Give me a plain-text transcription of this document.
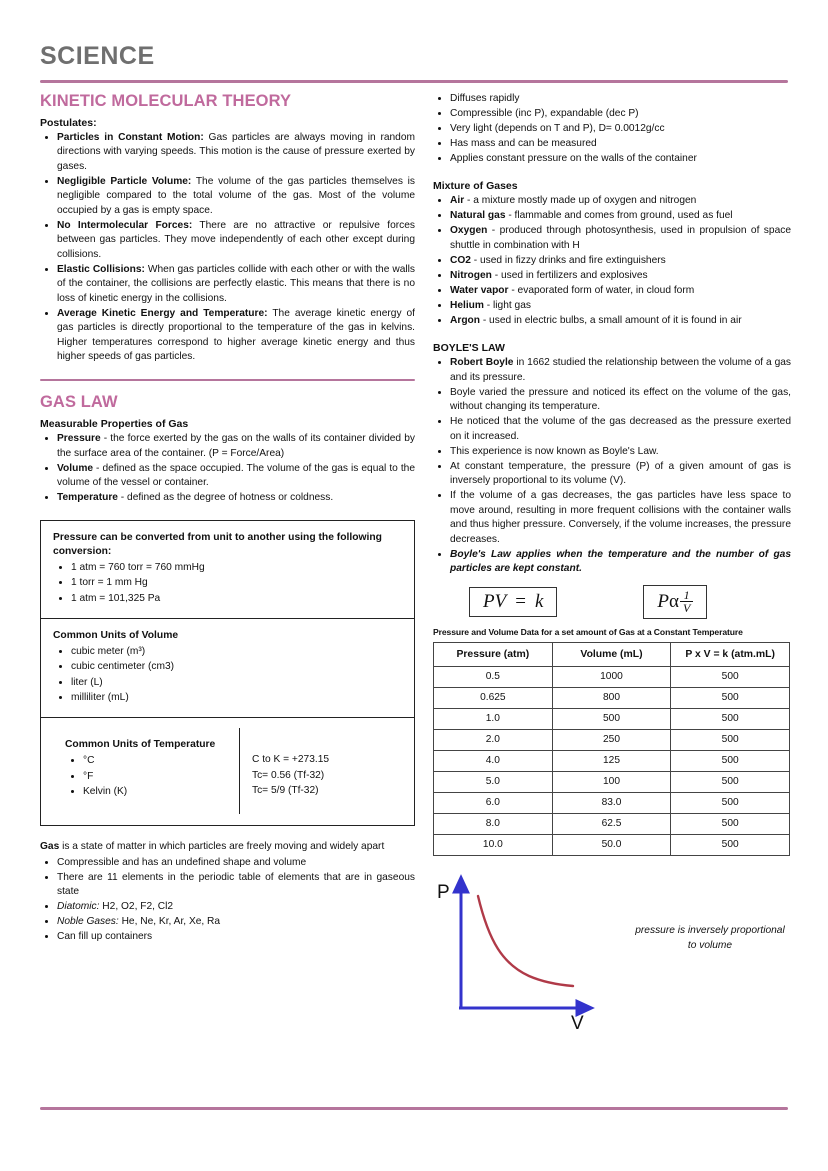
SCIENCE
KINETIC MOLECULAR THEORY
Postulates:
• Particles in Constant Motion: Gas particles are always moving in random directions with varying speeds. This motion is the cause of pressure exerted by gases.
• Negligible Particle Volume: The volume of the gas particles themselves is negligible compared to the total volume of the gas. Most of the volume occupied by a gas is empty space.
• No Intermolecular Forces: There are no attractive or repulsive forces between gas particles. They move independently of each other except during collisions.
• Elastic Collisions: When gas particles collide with each other or with the walls of the container, the collisions are perfectly elastic. This means that there is no loss of kinetic energy in the collisions.
• Average Kinetic Energy and Temperature: The average kinetic energy of gas particles is directly proportional to the temperature of the gas in kelvins. Higher temperatures correspond to higher average kinetic energy and thus higher speeds of gas particles.
GAS LAW
Measurable Properties of Gas
• Pressure - the force exerted by the gas on the walls of its container divided by the surface area of the container. (P = Force/Area)
• Volume - defined as the space occupied. The volume of the gas is equal to the volume of the vessel or container.
• Temperature - defined as the degree of hotness or coldness.
Pressure can be converted from unit to another using the following conversion:
• 1 atm = 760 torr = 760 mmHg
• 1 torr = 1 mm Hg
• 1 atm = 101,325 Pa
Common Units of Volume
• cubic meter (m³)
• cubic centimeter (cm3)
• liter (L)
• milliliter (mL)
Common Units of Temperature
• °C
• °F
• Kelvin (K)
C to K = +273.15
Tc= 0.56 (Tf-32)
Tc= 5/9 (Tf-32)

Gas is a state of matter in which particles are freely moving and widely apart

• Compressible and has an undefined shape and volume
• There are 11 elements in the periodic table of elements that are in gaseous state
• Diatomic: H2, O2, F2, Cl2
• Noble Gases: He, Ne, Kr, Ar, Xe, Ra
• Can fill up containers
• Diffuses rapidly
• Compressible (inc P), expandable (dec P)
• Very light (depends on T and P), D= 0.0012g/cc
• Has mass and can be measured
• Applies constant pressure on the walls of the container
Mixture of Gases
• Air - a mixture mostly made up of oxygen and nitrogen
• Natural gas - flammable and comes from ground, used as fuel
• Oxygen - produced through photosynthesis, used in propulsion of space shuttle in combination with H
• CO2 - used in fizzy drinks and fire extinguishers
• Nitrogen - used in fertilizers and explosives
• Water vapor - evaporated form of water, in cloud form
• Helium - light gas
• Argon - used in electric bulbs, a small amount of it is found in air
BOYLE'S LAW
• Robert Boyle in 1662 studied the relationship between the volume of a gas and its pressure.
• Boyle varied the pressure and noticed its effect on the volume of the gas, without changing its temperature.
• He noticed that the volume of the gas decreased as the pressure exerted on it increased.
• This experience is now known as Boyle's Law.
• At constant temperature, the pressure (P) of a given amount of gas is inversely proportional to its volume (V).
• If the volume of a gas decreases, the gas particles have less space to move around, resulting in more frequent collisions with the container walls and thus higher pressure. Conversely, if the volume increases, the pressure decreases.
• Boyle's Law applies when the temperature and the number of gas particles are kept constant.
PV = k	P α $\frac{1}{V}$
Pressure and Volume Data for a set amount of Gas at a Constant Temperature
Pressure (atm)	Volume (mL)	P x V = k (atm.mL)
0.5	1000	500
0.625	800	500
1.0	500	500
2.0	250	500
4.0	125	500
5.0	100	500
6.0	83.0	500
8.0	62.5	500
10.0	50.0	500
P
V
pressure is inversely proportional to volume
